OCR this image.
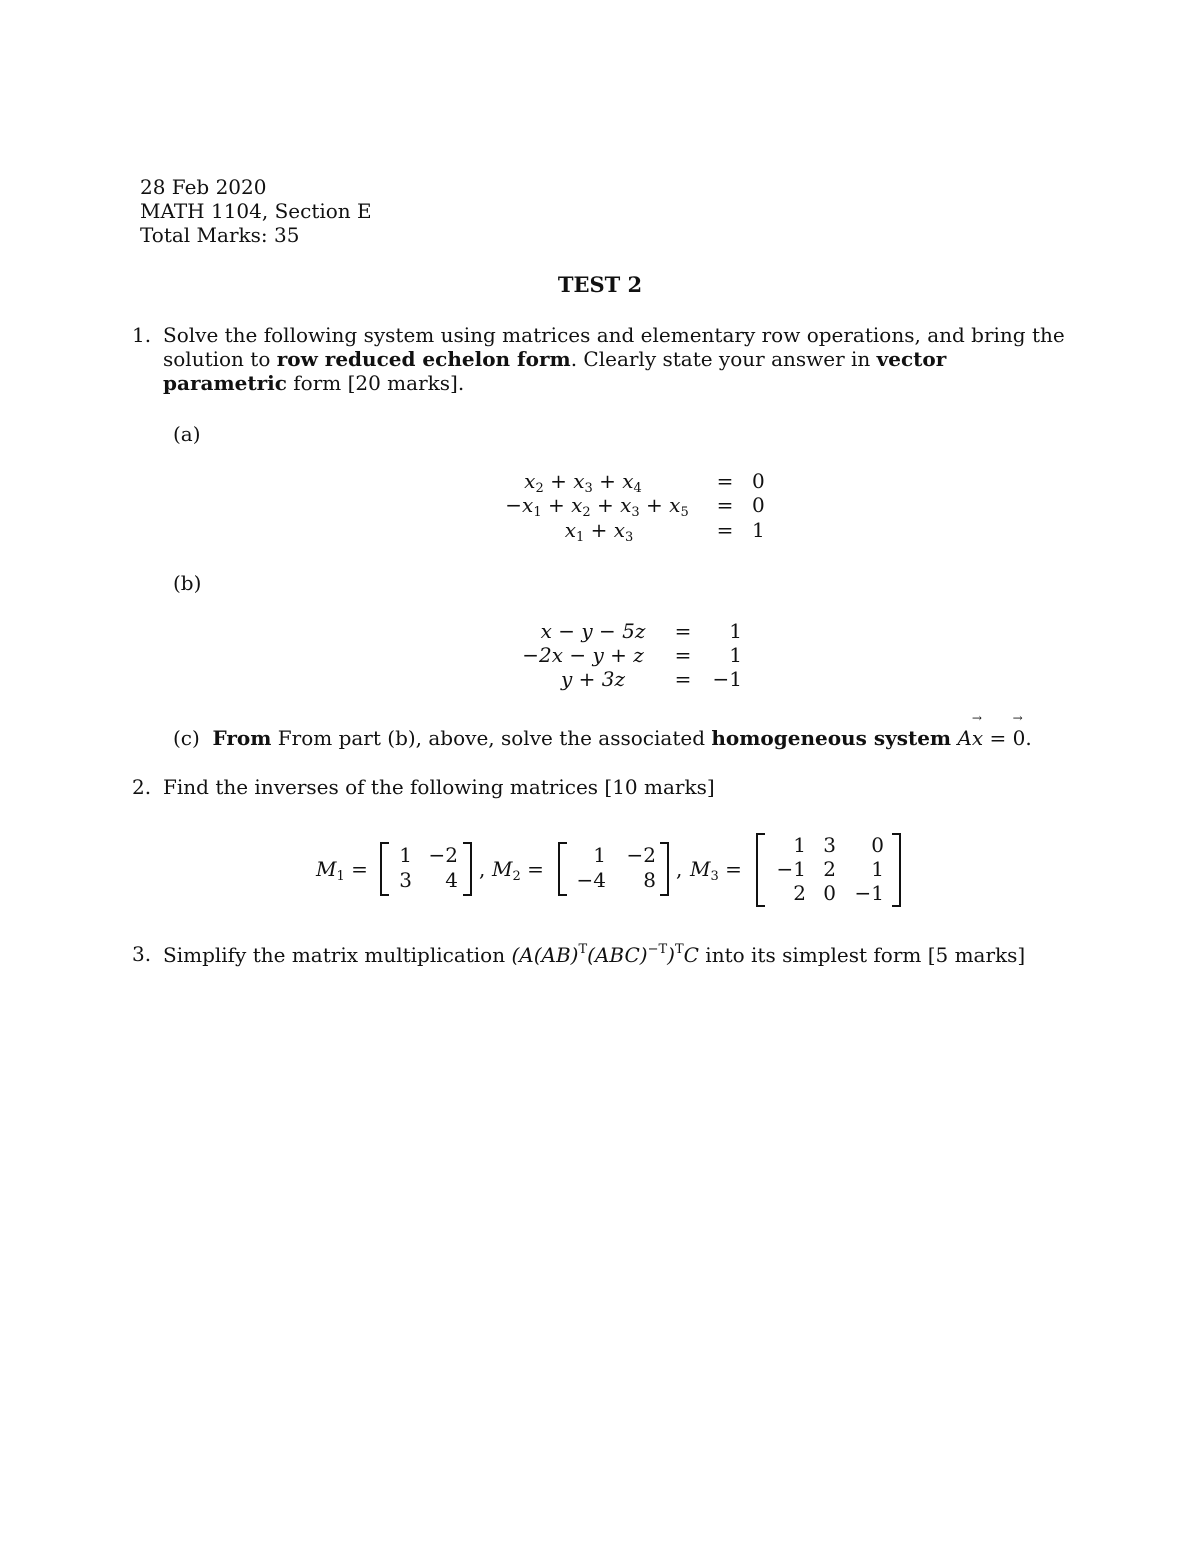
28 Feb 2020
MATH 1104, Section E
Total Marks: 35
TEST 2
1. Solve the following system using matrices and elementary row operations, and bring the solution to row reduced echelon form. Clearly state your answer in vector parametric form [20 marks].
(a)
$x_2 + x_3 + x_4$	= 0
$-x_1 + x_2 + x_3 + x_5$	= 0
$x_1 + x_3$	= 1
(b)
x − y − 5z	=	1
−2x − y + z	=	1
y + 3z	=	−1
(c) From From part (b), above, solve the associated homogeneous system A→ x = → 0.
2. Find the inverses of the following matrices [10 marks]
$M_1$ =
1 −2
3	4 , $M_2$ =
1 −2
−4	8 , $M_3$ =
1 3	0
−1 2	1
2 0 −1
3. Simplify the matrix multiplication $(A(AB)^T(ABC)^{-T})^TC$ into its simplest form [5 marks]
